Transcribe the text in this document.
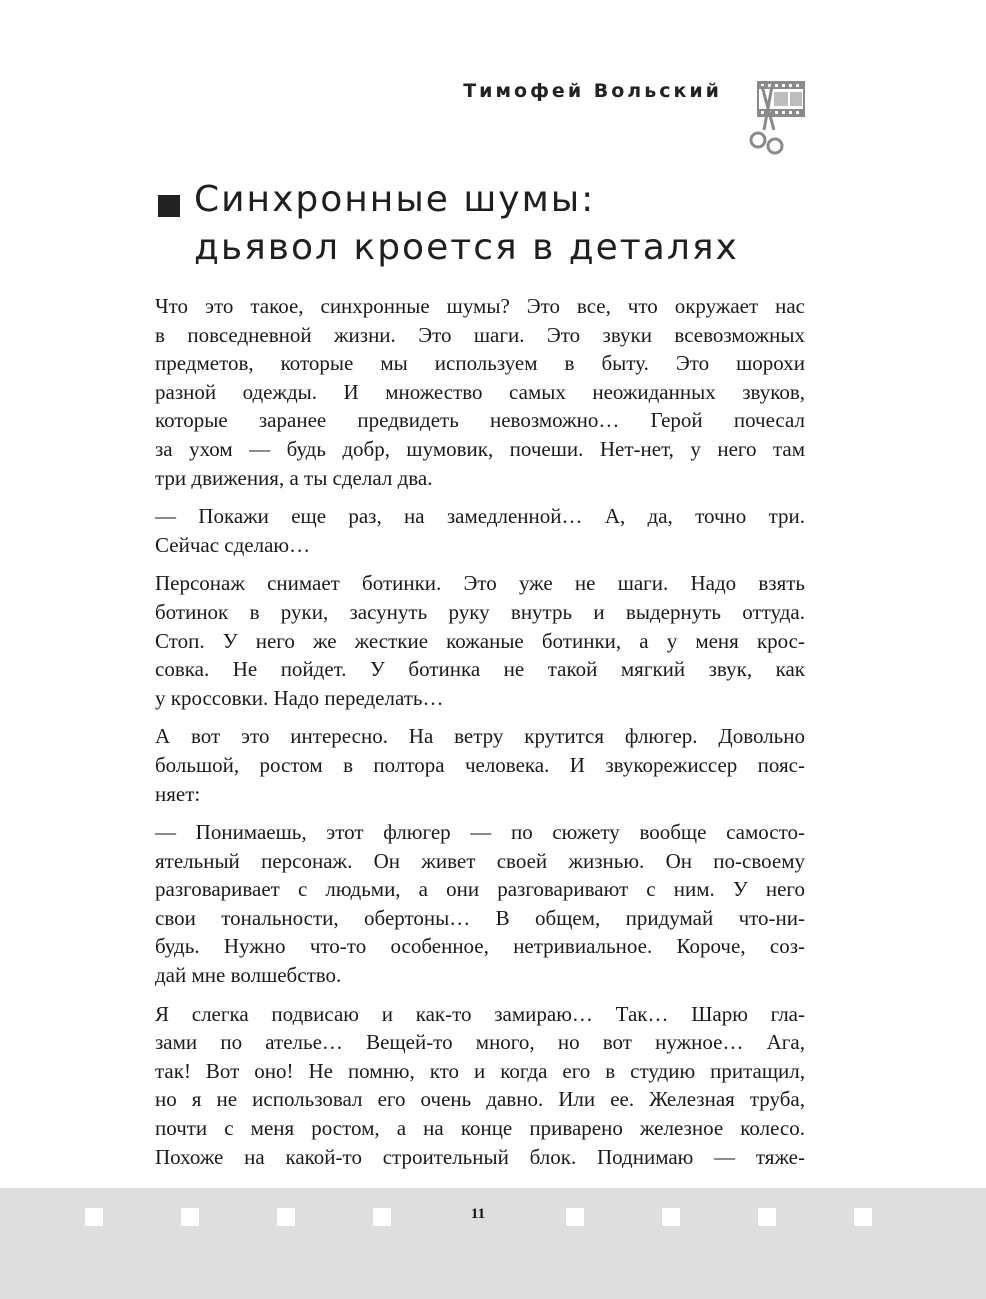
Тимофей Вольский
Синхронные шумы:
дьявол кроется в деталях

Что это такое, синхронные шумы? Это все, что окружает нас
в повседневной жизни. Это шаги. Это звуки всевозможных
предметов, которые мы используем в быту. Это шорохи
разной одежды. И множество самых неожиданных звуков,
которые заранее предвидеть невозможно… Герой почесал
за ухом — будь добр, шумовик, почеши. Нет-нет, у него там
три движения, а ты сделал два.

— Покажи еще раз, на замедленной… А, да, точно три.
Сейчас сделаю…

Персонаж снимает ботинки. Это уже не шаги. Надо взять
ботинок в руки, засунуть руку внутрь и выдернуть оттуда.
Стоп. У него же жесткие кожаные ботинки, а у меня крос-
совка. Не пойдет. У ботинка не такой мягкий звук, как
у кроссовки. Надо переделать…

А вот это интересно. На ветру крутится флюгер. Довольно
большой, ростом в полтора человека. И звукорежиссер пояс-
няет:

— Понимаешь, этот флюгер — по сюжету вообще самосто-
ятельный персонаж. Он живет своей жизнью. Он по-своему
разговаривает с людьми, а они разговаривают с ним. У него
свои тональности, обертоны… В общем, придумай что-ни-
будь. Нужно что-то особенное, нетривиальное. Короче, соз-
дай мне волшебство.

Я слегка подвисаю и как-то замираю… Так… Шарю гла-
зами по ателье… Вещей-то много, но вот нужное… Ага,
так! Вот оно! Не помню, кто и когда его в студию притащил,
но я не использовал его очень давно. Или ее. Железная труба,
почти с меня ростом, а на конце приварено железное колесо.
Похоже на какой-то строительный блок. Поднимаю — тяже-

11
